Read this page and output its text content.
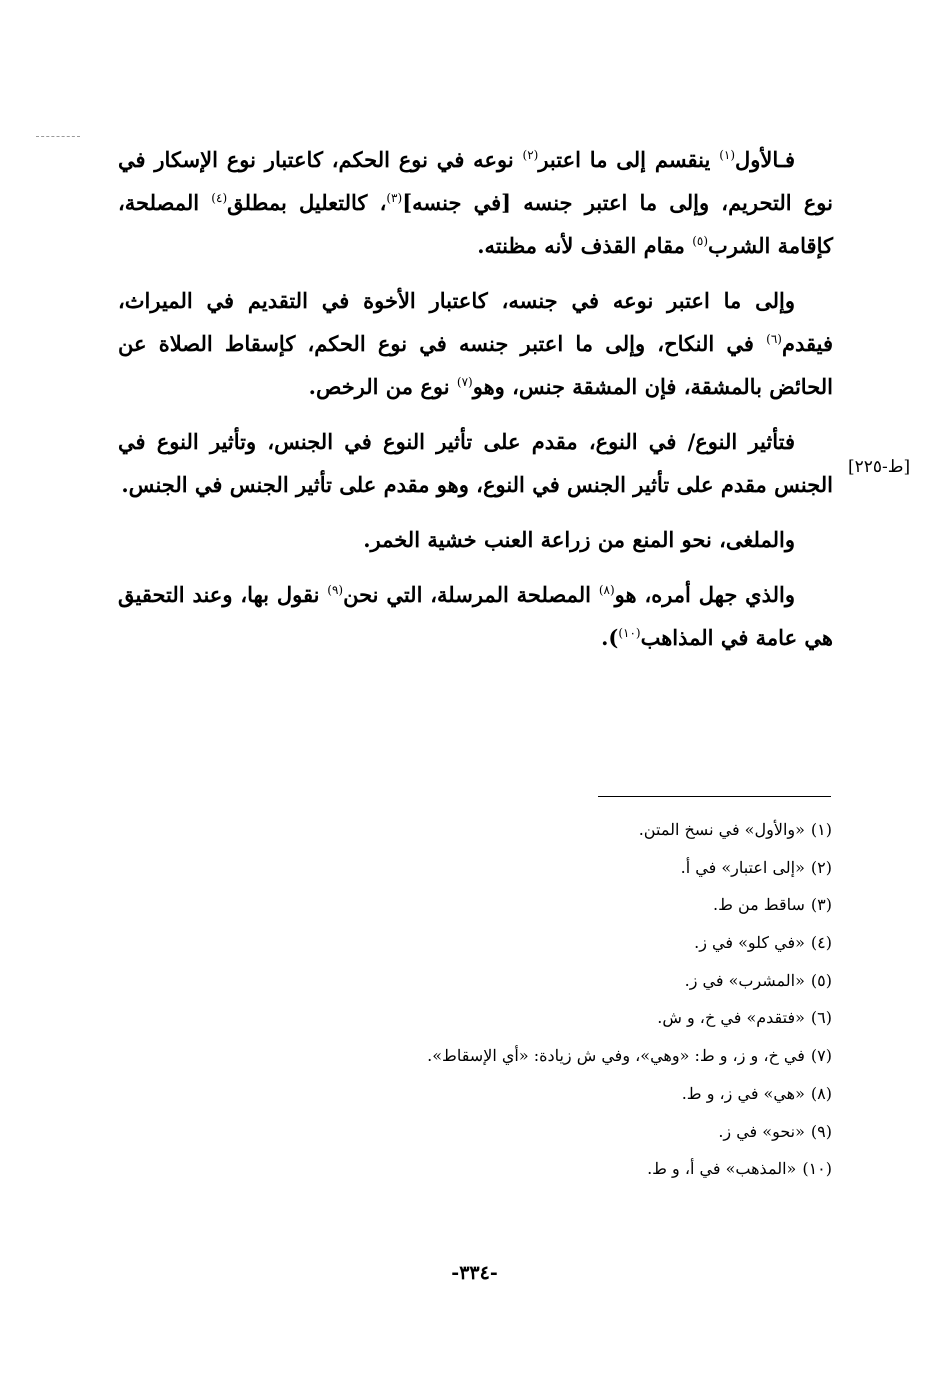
فـالأول$^{(١)}$ ينقسم إلى ما اعتبر$^{(٢)}$ نوعه في نوع الحكم، كاعتبار نوع الإسكار في نوع التحريم، وإلى ما اعتبر جنسه [في جنسه]$^{(٣)}$، كالتعليل بمطلق$^{(٤)}$ المصلحة، كإقامة الشرب$^{(٥)}$ مقام القذف لأنه مظنته.

وإلى ما اعتبر نوعه في جنسه، كاعتبار الأخوة في التقديم في الميراث، فيقدم$^{(٦)}$ في النكاح، وإلى ما اعتبر جنسه في نوع الحكم، كإسقاط الصلاة عن الحائض بالمشقة، فإن المشقة جنس، وهو$^{(٧)}$ نوع من الرخص.

فتأثير النوع/ في النوع، مقدم على تأثير النوع في الجنس، وتأثير النوع في الجنس مقدم على تأثير الجنس في النوع، وهو مقدم على تأثير الجنس في الجنس.

والملغى، نحو المنع من زراعة العنب خشية الخمر.

والذي جهل أمره، هو$^{(٨)}$ المصلحة المرسلة، التي نحن$^{(٩)}$ نقول بها، وعند التحقيق هي عامة في المذاهب$^{(١٠)}$).

[ط-٢٢٥]
(١)«والأول» في نسخ المتن.
(٢)«إلى اعتبار» في أ.
(٣)ساقط من ط.
(٤)«في كلو» في ز.
(٥)«المشرب» في ز.
(٦)«فتقدم» في خ، و ش.
(٧)في خ، و ز، و ط: «وهي»، وفي ش زيادة: «أي الإسقاط».
(٨)«هي» في ز، و ط.
(٩)«نحو» في ز.
(١٠)«المذهب» في أ، و ط.
-٣٣٤-
